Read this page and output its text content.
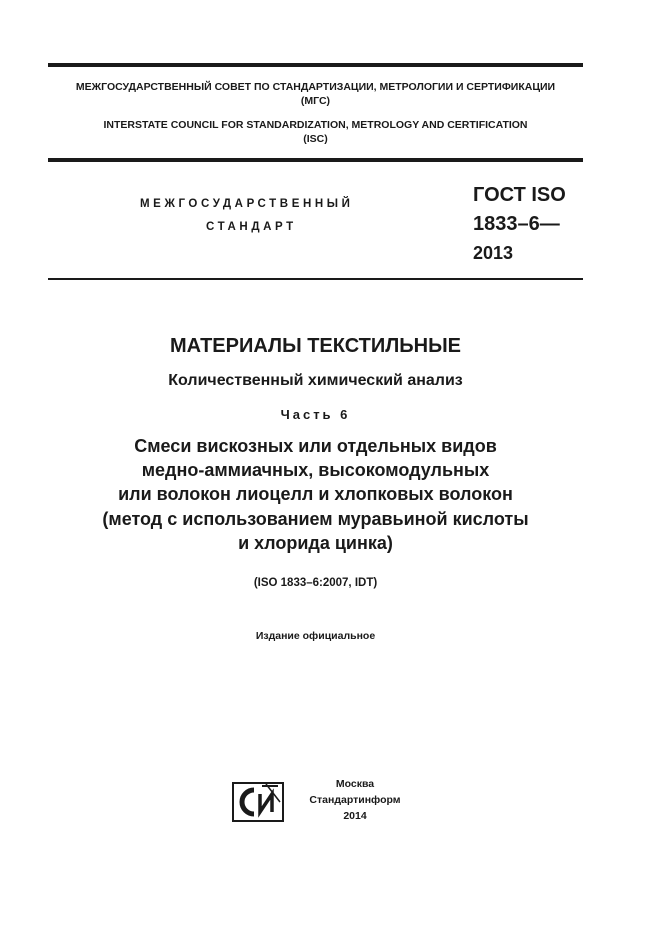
МЕЖГОСУДАРСТВЕННЫЙ СОВЕТ ПО СТАНДАРТИЗАЦИИ, МЕТРОЛОГИИ И СЕРТИФИКАЦИИ
(МГС)
INTERSTATE COUNCIL FOR STANDARDIZATION, METROLOGY AND CERTIFICATION
(ISC)
МЕЖГОСУДАРСТВЕННЫЙ
СТАНДАРТ
ГОСТ ISO
1833–6—
2013
МАТЕРИАЛЫ ТЕКСТИЛЬНЫЕ
Количественный химический анализ
Часть 6
Смеси вискозных или отдельных видов
медно-аммиачных, высокомодульных
или волокон лиоцелл и хлопковых волокон
(метод с использованием муравьиной кислоты
и хлорида цинка)
(ISO 1833–6:2007, IDT)
Издание официальное
Москва
Стандартинформ
2014
